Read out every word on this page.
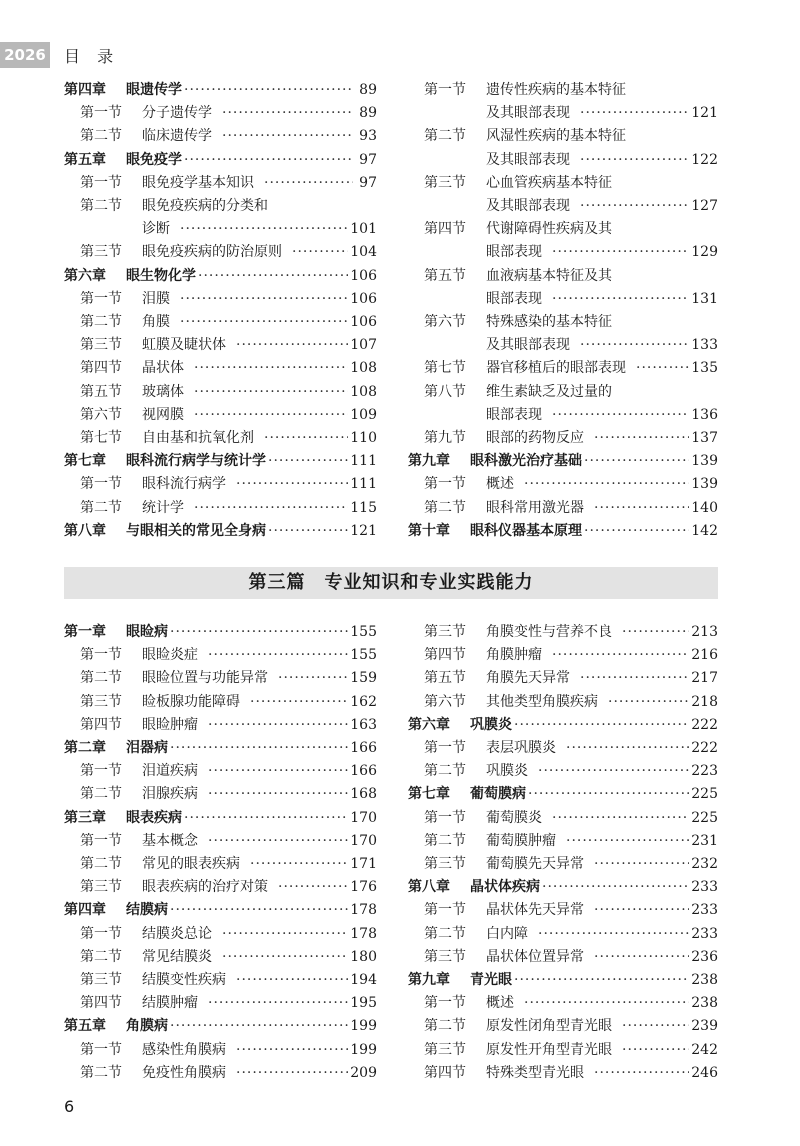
2026 目 录
第四章	眼遗传学 ·····	89
第一节	分子遗传学 ·····	89
第二节	临床遗传学 ·····	93
第五章	眼免疫学 ·····	97
第一节	眼免疫学基本知识 ·····	97
第二节	眼免疫疾病的分类和
诊断 ·····	101
第三节	眼免疫疾病的防治原则 ·····	104
第六章	眼生物化学 ·····	106
第一节	泪膜 ·····	106
第二节	角膜 ·····	106
第三节	虹膜及睫状体 ·····	107
第四节	晶状体 ·····	108
第五节	玻璃体 ·····	108
第六节	视网膜 ·····	109
第七节	自由基和抗氧化剂 ·····	110
第七章	眼科流行病学与统计学 ·····	111
第一节	眼科流行病学 ·····	111
第二节	统计学 ·····	115
第八章	与眼相关的常见全身病 ·····	121
第一节	遗传性疾病的基本特征
及其眼部表现 ·····	121
第二节	风湿性疾病的基本特征
及其眼部表现 ·····	122
第三节	心血管疾病基本特征
及其眼部表现 ·····	127
第四节	代谢障碍性疾病及其
眼部表现 ·····	129
第五节	血液病基本特征及其
眼部表现 ·····	131
第六节	特殊感染的基本特征
及其眼部表现 ·····	133
第七节	器官移植后的眼部表现 ·····	135
第八节	维生素缺乏及过量的
眼部表现 ·····	136
第九节	眼部的药物反应 ·····	137
第九章	眼科激光治疗基础 ·····	139
第一节	概述 ·····	139
第二节	眼科常用激光器 ·····	140
第十章	眼科仪器基本原理 ·····	142
第三篇　专业知识和专业实践能力
第一章	眼睑病 ·····	155
第一节	眼睑炎症 ·····	155
第二节	眼睑位置与功能异常 ·····	159
第三节	睑板腺功能障碍 ·····	162
第四节	眼睑肿瘤 ·····	163
第二章	泪器病 ·····	166
第一节	泪道疾病 ·····	166
第二节	泪腺疾病 ·····	168
第三章	眼表疾病 ·····	170
第一节	基本概念 ·····	170
第二节	常见的眼表疾病 ·····	171
第三节	眼表疾病的治疗对策 ·····	176
第四章	结膜病 ·····	178
第一节	结膜炎总论 ·····	178
第二节	常见结膜炎 ·····	180
第三节	结膜变性疾病 ·····	194
第四节	结膜肿瘤 ·····	195
第五章	角膜病 ·····	199
第一节	感染性角膜病 ·····	199
第二节	免疫性角膜病 ·····	209
第三节	角膜变性与营养不良 ·····	213
第四节	角膜肿瘤 ·····	216
第五节	角膜先天异常 ·····	217
第六节	其他类型角膜疾病 ·····	218
第六章	巩膜炎 ·····	222
第一节	表层巩膜炎 ·····	222
第二节	巩膜炎 ·····	223
第七章	葡萄膜病 ·····	225
第一节	葡萄膜炎 ·····	225
第二节	葡萄膜肿瘤 ·····	231
第三节	葡萄膜先天异常 ·····	232
第八章	晶状体疾病 ·····	233
第一节	晶状体先天异常 ·····	233
第二节	白内障 ·····	233
第三节	晶状体位置异常 ·····	236
第九章	青光眼 ·····	238
第一节	概述 ·····	238
第二节	原发性闭角型青光眼 ·····	239
第三节	原发性开角型青光眼 ·····	242
第四节	特殊类型青光眼 ·····	246
6
